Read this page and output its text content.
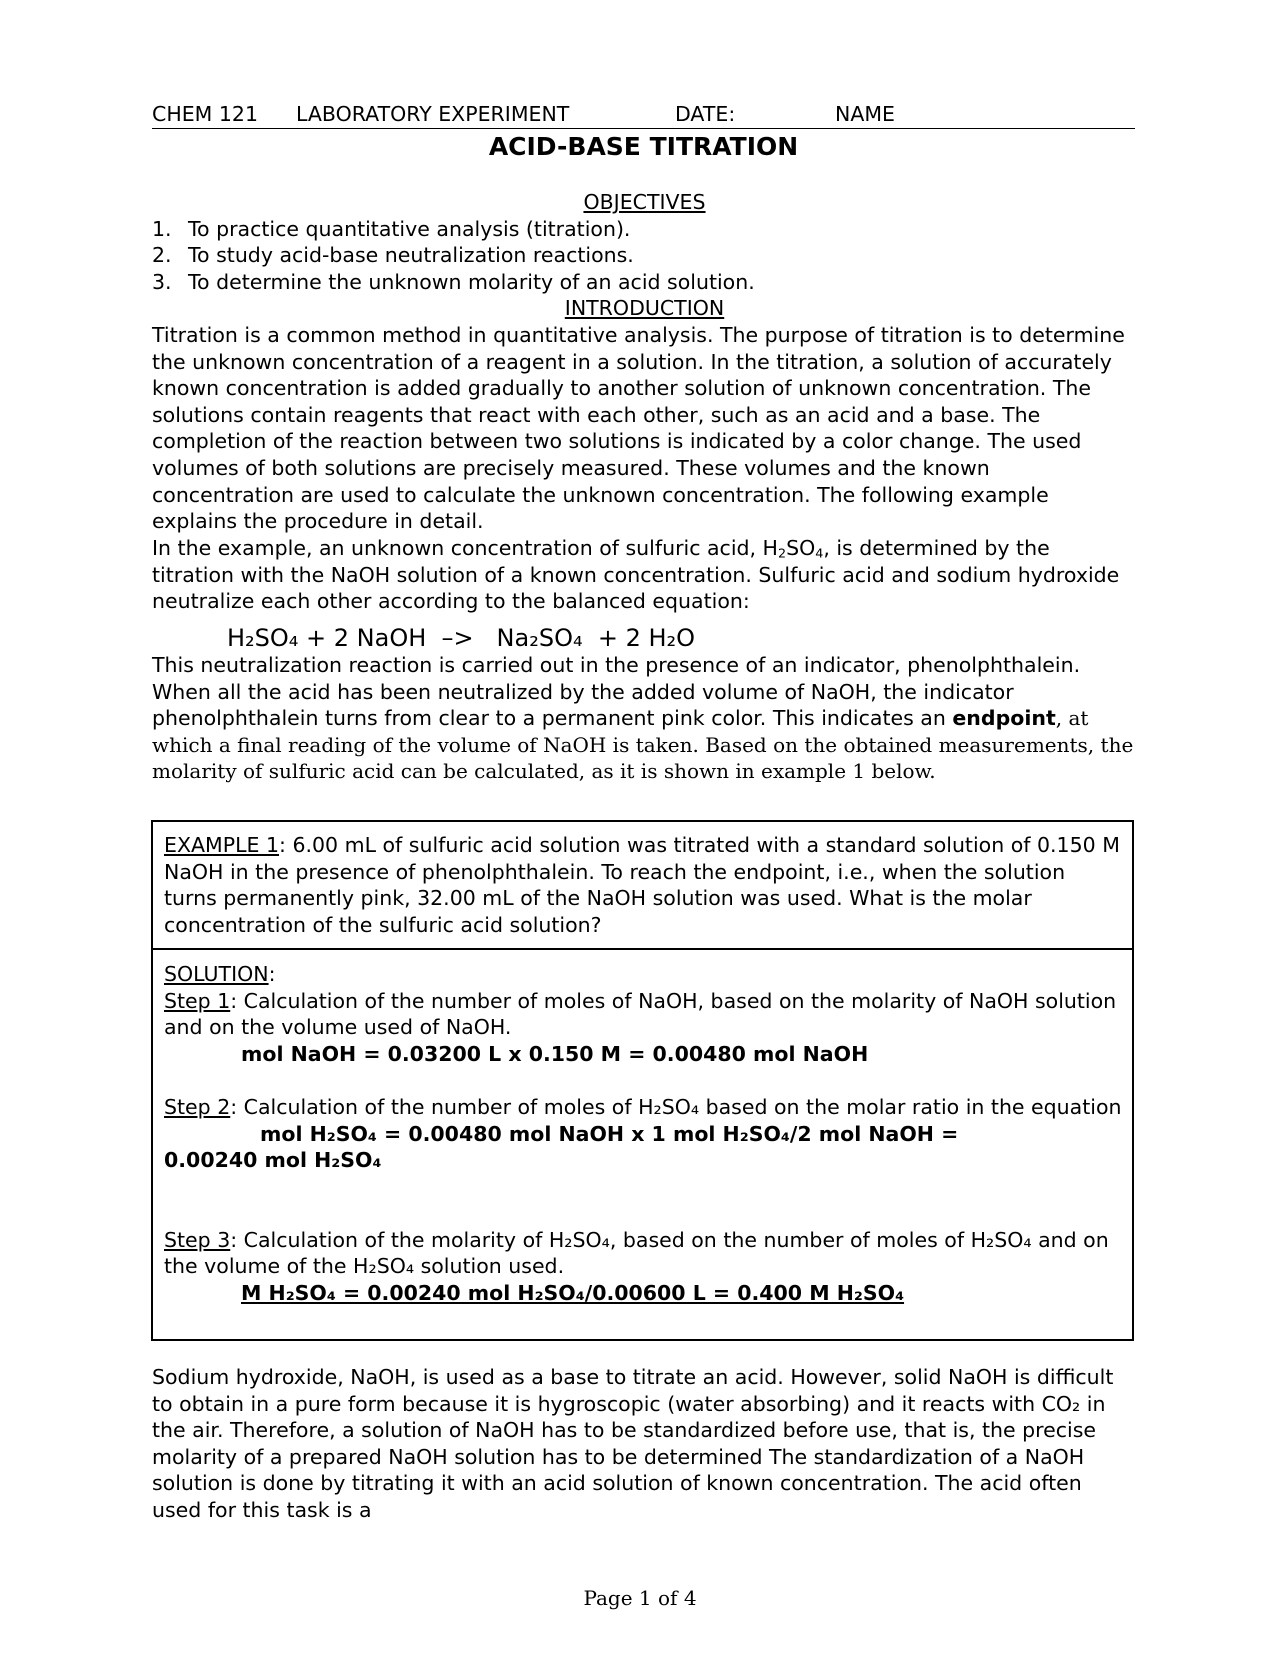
CHEM 121 LABORATORY EXPERIMENT	DATE:	NAME
ACID-BASE TITRATION
OBJECTIVES
1. To practice quantitative analysis (titration).
2. To study acid-base neutralization reactions.
3. To determine the unknown molarity of an acid solution.
INTRODUCTION
Titration is a common method in quantitative analysis. The purpose of titration is to determine the unknown concentration of a reagent in a solution. In the titration, a solution of accurately known concentration is added gradually to another solution of unknown concentration. The solutions contain reagents that react with each other, such as an acid and a base. The completion of the reaction between two solutions is indicated by a color change. The used volumes of both solutions are precisely measured. These volumes and the known concentration are used to calculate the unknown concentration. The following example explains the procedure in detail.
In the example, an unknown concentration of sulfuric acid, $H_2SO_4$, is determined by the titration with the NaOH solution of a known concentration. Sulfuric acid and sodium hydroxide neutralize each other according to the balanced equation:
H₂SO₄ + 2 NaOH –> Na₂SO₄  + 2 H₂O
This neutralization reaction is carried out in the presence of an indicator, phenolphthalein. When all the acid has been neutralized by the added volume of NaOH, the indicator phenolphthalein turns from clear to a permanent pink color. This indicates an endpoint, at which a final reading of the volume of NaOH is taken. Based on the obtained measurements, the molarity of sulfuric acid can be calculated, as it is shown in example 1 below.
EXAMPLE 1: 6.00 mL of sulfuric acid solution was titrated with a standard solution of 0.150 M NaOH in the presence of phenolphthalein. To reach the endpoint, i.e., when the solution turns permanently pink, 32.00 mL of the NaOH solution was used. What is the molar concentration of the sulfuric acid solution?
SOLUTION:
Step 1: Calculation of the number of moles of NaOH, based on the molarity of NaOH solution and on the volume used of NaOH.
mol NaOH = 0.03200 L x 0.150 M = 0.00480 mol NaOH
Step 2: Calculation of the number of moles of H₂SO₄ based on the molar ratio in the equation
mol H₂SO₄ = 0.00480 mol NaOH x 1 mol H₂SO₄/2 mol NaOH =
0.00240 mol H₂SO₄
Step 3: Calculation of the molarity of H₂SO₄, based on the number of moles of H₂SO₄ and on the volume of the H₂SO₄ solution used.
M H₂SO₄ = 0.00240 mol H₂SO₄/0.00600 L = 0.400 M H₂SO₄
Sodium hydroxide, NaOH, is used as a base to titrate an acid. However, solid NaOH is difficult to obtain in a pure form because it is hygroscopic (water absorbing) and it reacts with CO₂ in the air. Therefore, a solution of NaOH has to be standardized before use, that is, the precise molarity of a prepared NaOH solution has to be determined The standardization of a NaOH solution is done by titrating it with an acid solution of known concentration. The acid often used for this task is a
Page 1 of 4
